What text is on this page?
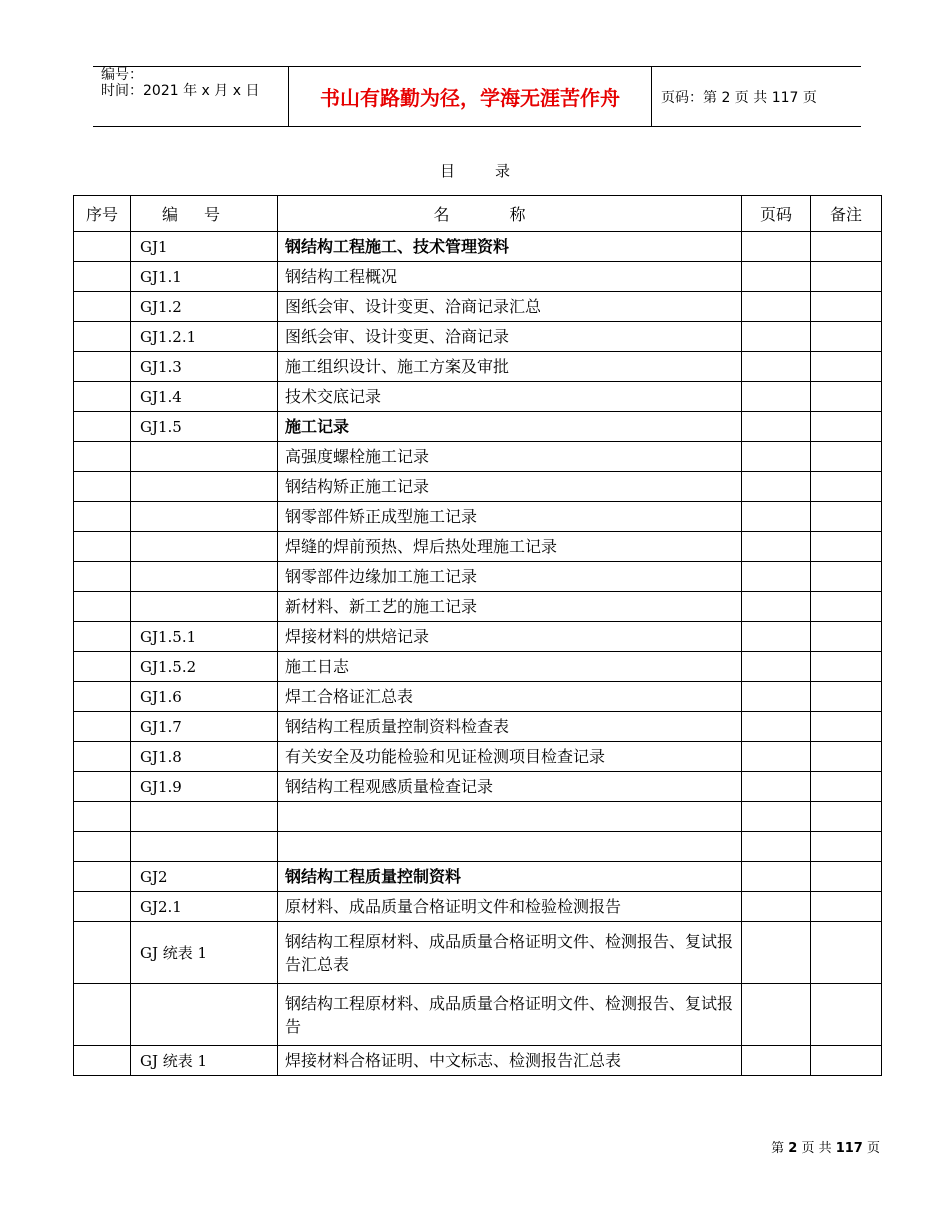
编号：
时间：2021 年 x 月 x 日	书山有路勤为径，学海无涯苦作舟	页码：第 2 页 共 117 页
目录
序号	编号	名称	页码	备注
	GJ1	钢结构工程施工、技术管理资料		
	GJ1.1	钢结构工程概况		
	GJ1.2	图纸会审、设计变更、洽商记录汇总		
	GJ1.2.1	图纸会审、设计变更、洽商记录		
	GJ1.3	施工组织设计、施工方案及审批		
	GJ1.4	技术交底记录		
	GJ1.5	施工记录		
		高强度螺栓施工记录		
		钢结构矫正施工记录		
		钢零部件矫正成型施工记录		
		焊缝的焊前预热、焊后热处理施工记录		
		钢零部件边缘加工施工记录		
		新材料、新工艺的施工记录		
	GJ1.5.1	焊接材料的烘焙记录		
	GJ1.5.2	施工日志		
	GJ1.6	焊工合格证汇总表		
	GJ1.7	钢结构工程质量控制资料检查表		
	GJ1.8	有关安全及功能检验和见证检测项目检查记录		
	GJ1.9	钢结构工程观感质量检查记录		

	GJ2	钢结构工程质量控制资料		
	GJ2.1	原材料、成品质量合格证明文件和检验检测报告		
	GJ 统表 1	钢结构工程原材料、成品质量合格证明文件、检测报告、复试报告汇总表		
		钢结构工程原材料、成品质量合格证明文件、检测报告、复试报告		
	GJ 统表 1	焊接材料合格证明、中文标志、检测报告汇总表		
第 2 页 共 117 页
